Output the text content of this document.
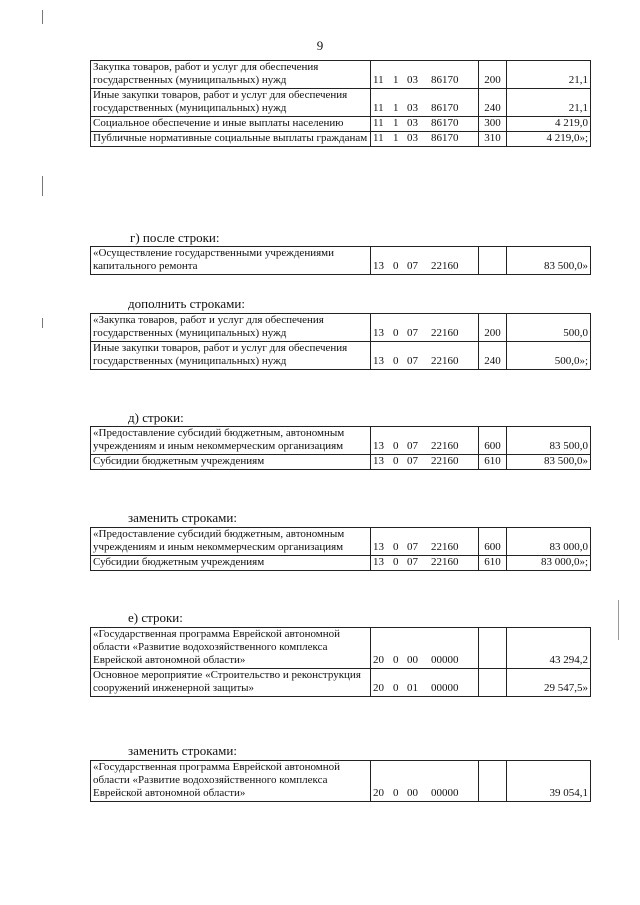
9
Закупка товаров, работ и услуг для обеспечения государственных (муниципальных) нужд	11 1 03 86170	200	21,1
Иные закупки товаров, работ и услуг для обеспечения государственных (муниципальных) нужд	11 1 03 86170	240	21,1
Социальное обеспечение и иные выплаты населению	11 1 03 86170	300	4 219,0
Публичные нормативные социальные выплаты гражданам	11 1 03 86170	310	4 219,0»;
г) после строки:
«Осуществление государственными учреждениями капитального ремонта	13 0 07 22160		83 500,0»
дополнить строками:
«Закупка товаров, работ и услуг для обеспечения государственных (муниципальных) нужд	13 0 07 22160	200	500,0
Иные закупки товаров, работ и услуг для обеспечения государственных (муниципальных) нужд	13 0 07 22160	240	500,0»;
д) строки:
«Предоставление субсидий бюджетным, автономным учреждениям и иным некоммерческим организациям	13 0 07 22160	600	83 500,0
Субсидии бюджетным учреждениям	13 0 07 22160	610	83 500,0»
заменить строками:
«Предоставление субсидий бюджетным, автономным учреждениям и иным некоммерческим организациям	13 0 07 22160	600	83 000,0
Субсидии бюджетным учреждениям	13 0 07 22160	610	83 000,0»;
е) строки:
«Государственная программа Еврейской автономной области «Развитие водохозяйственного комплекса Еврейской автономной области»	20 0 00 00000		43 294,2
Основное мероприятие «Строительство и реконструкция сооружений инженерной защиты»	20 0 01 00000		29 547,5»
заменить строками:
«Государственная программа Еврейской автономной области «Развитие водохозяйственного комплекса Еврейской автономной области»	20 0 00 00000		39 054,1
